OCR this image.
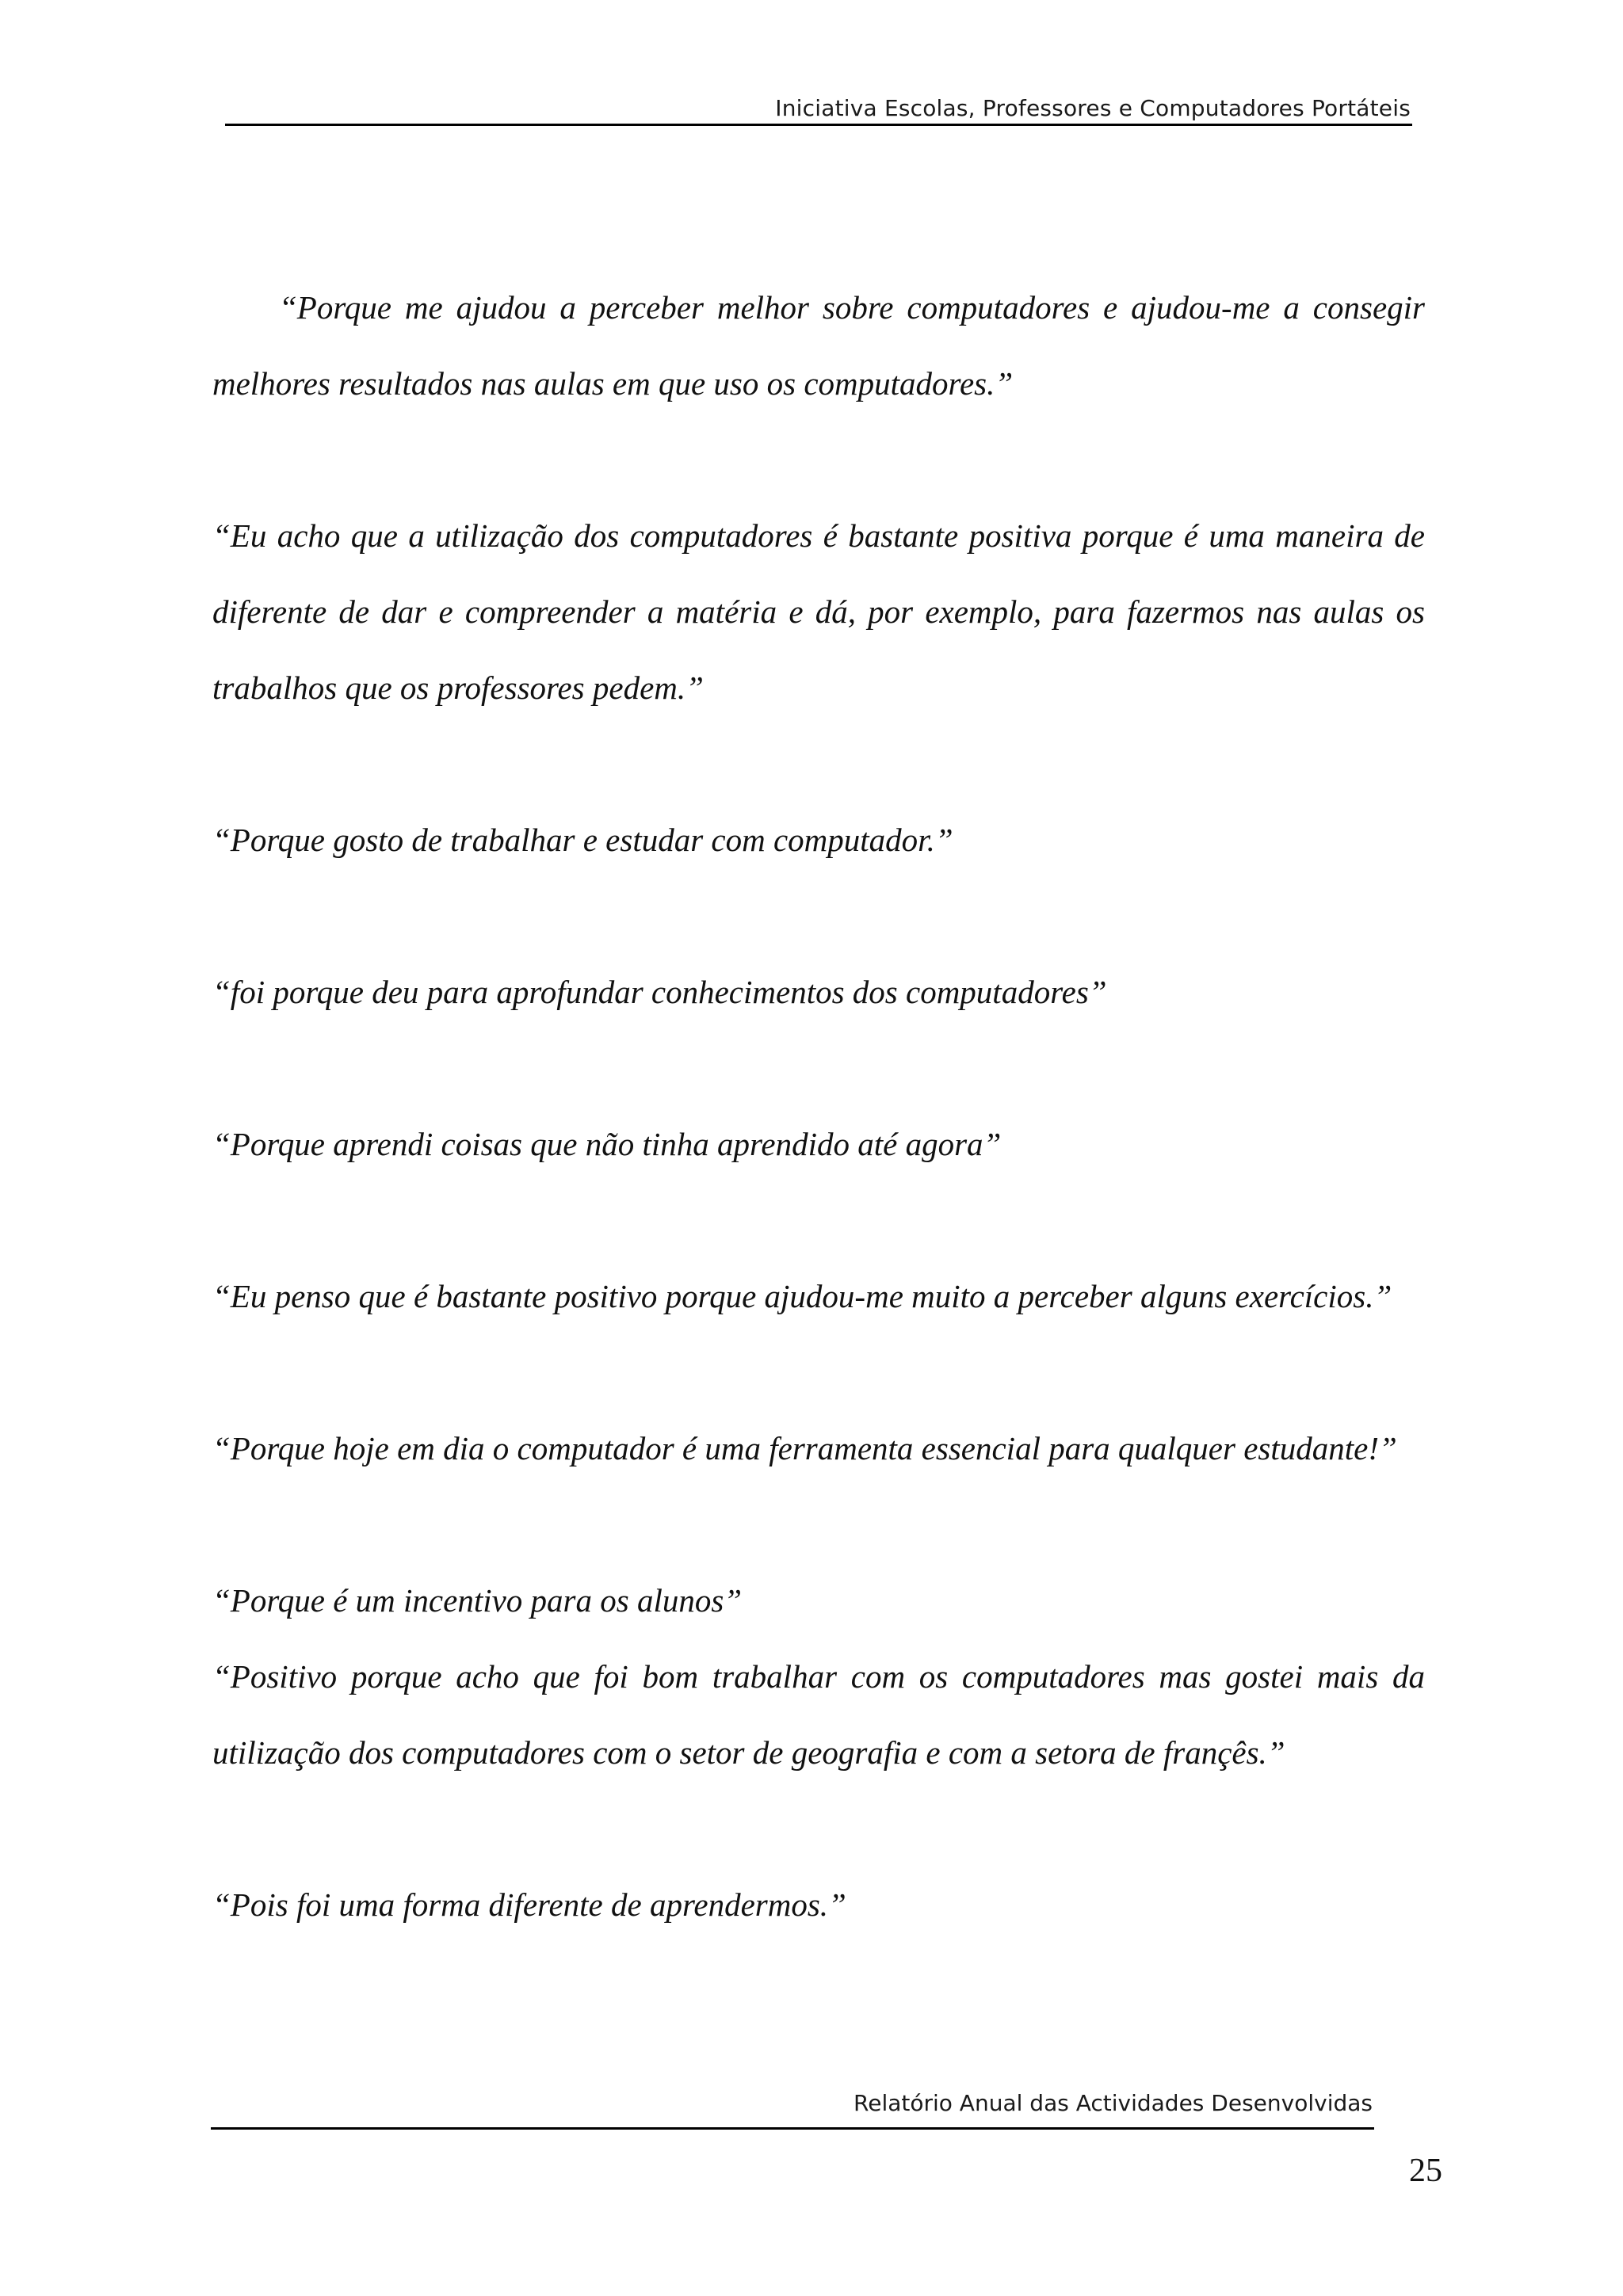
Iniciativa Escolas, Professores e Computadores Portáteis

“Porque me ajudou a perceber melhor sobre computadores e ajudou-me a consegir melhores resultados nas aulas em que uso os computadores.”

“Eu acho que a utilização dos computadores é bastante positiva porque é uma maneira de diferente de dar e compreender a matéria e dá, por exemplo, para fazermos nas aulas os trabalhos que os professores pedem.”

“Porque gosto de trabalhar e estudar com computador.”

“foi porque deu para aprofundar conhecimentos dos computadores”

“Porque aprendi coisas que não tinha aprendido até agora”

“Eu penso que é bastante positivo porque ajudou-me muito a perceber alguns exercícios.”

“Porque hoje em dia o computador é uma ferramenta essencial para qualquer estudante!”

“Porque é um incentivo para os alunos”

“Positivo porque acho que foi bom trabalhar com os computadores mas gostei mais da utilização dos computadores com o setor de geografia e com a setora de françês.”

“Pois foi uma forma diferente de aprendermos.”

Relatório Anual das Actividades Desenvolvidas
25
